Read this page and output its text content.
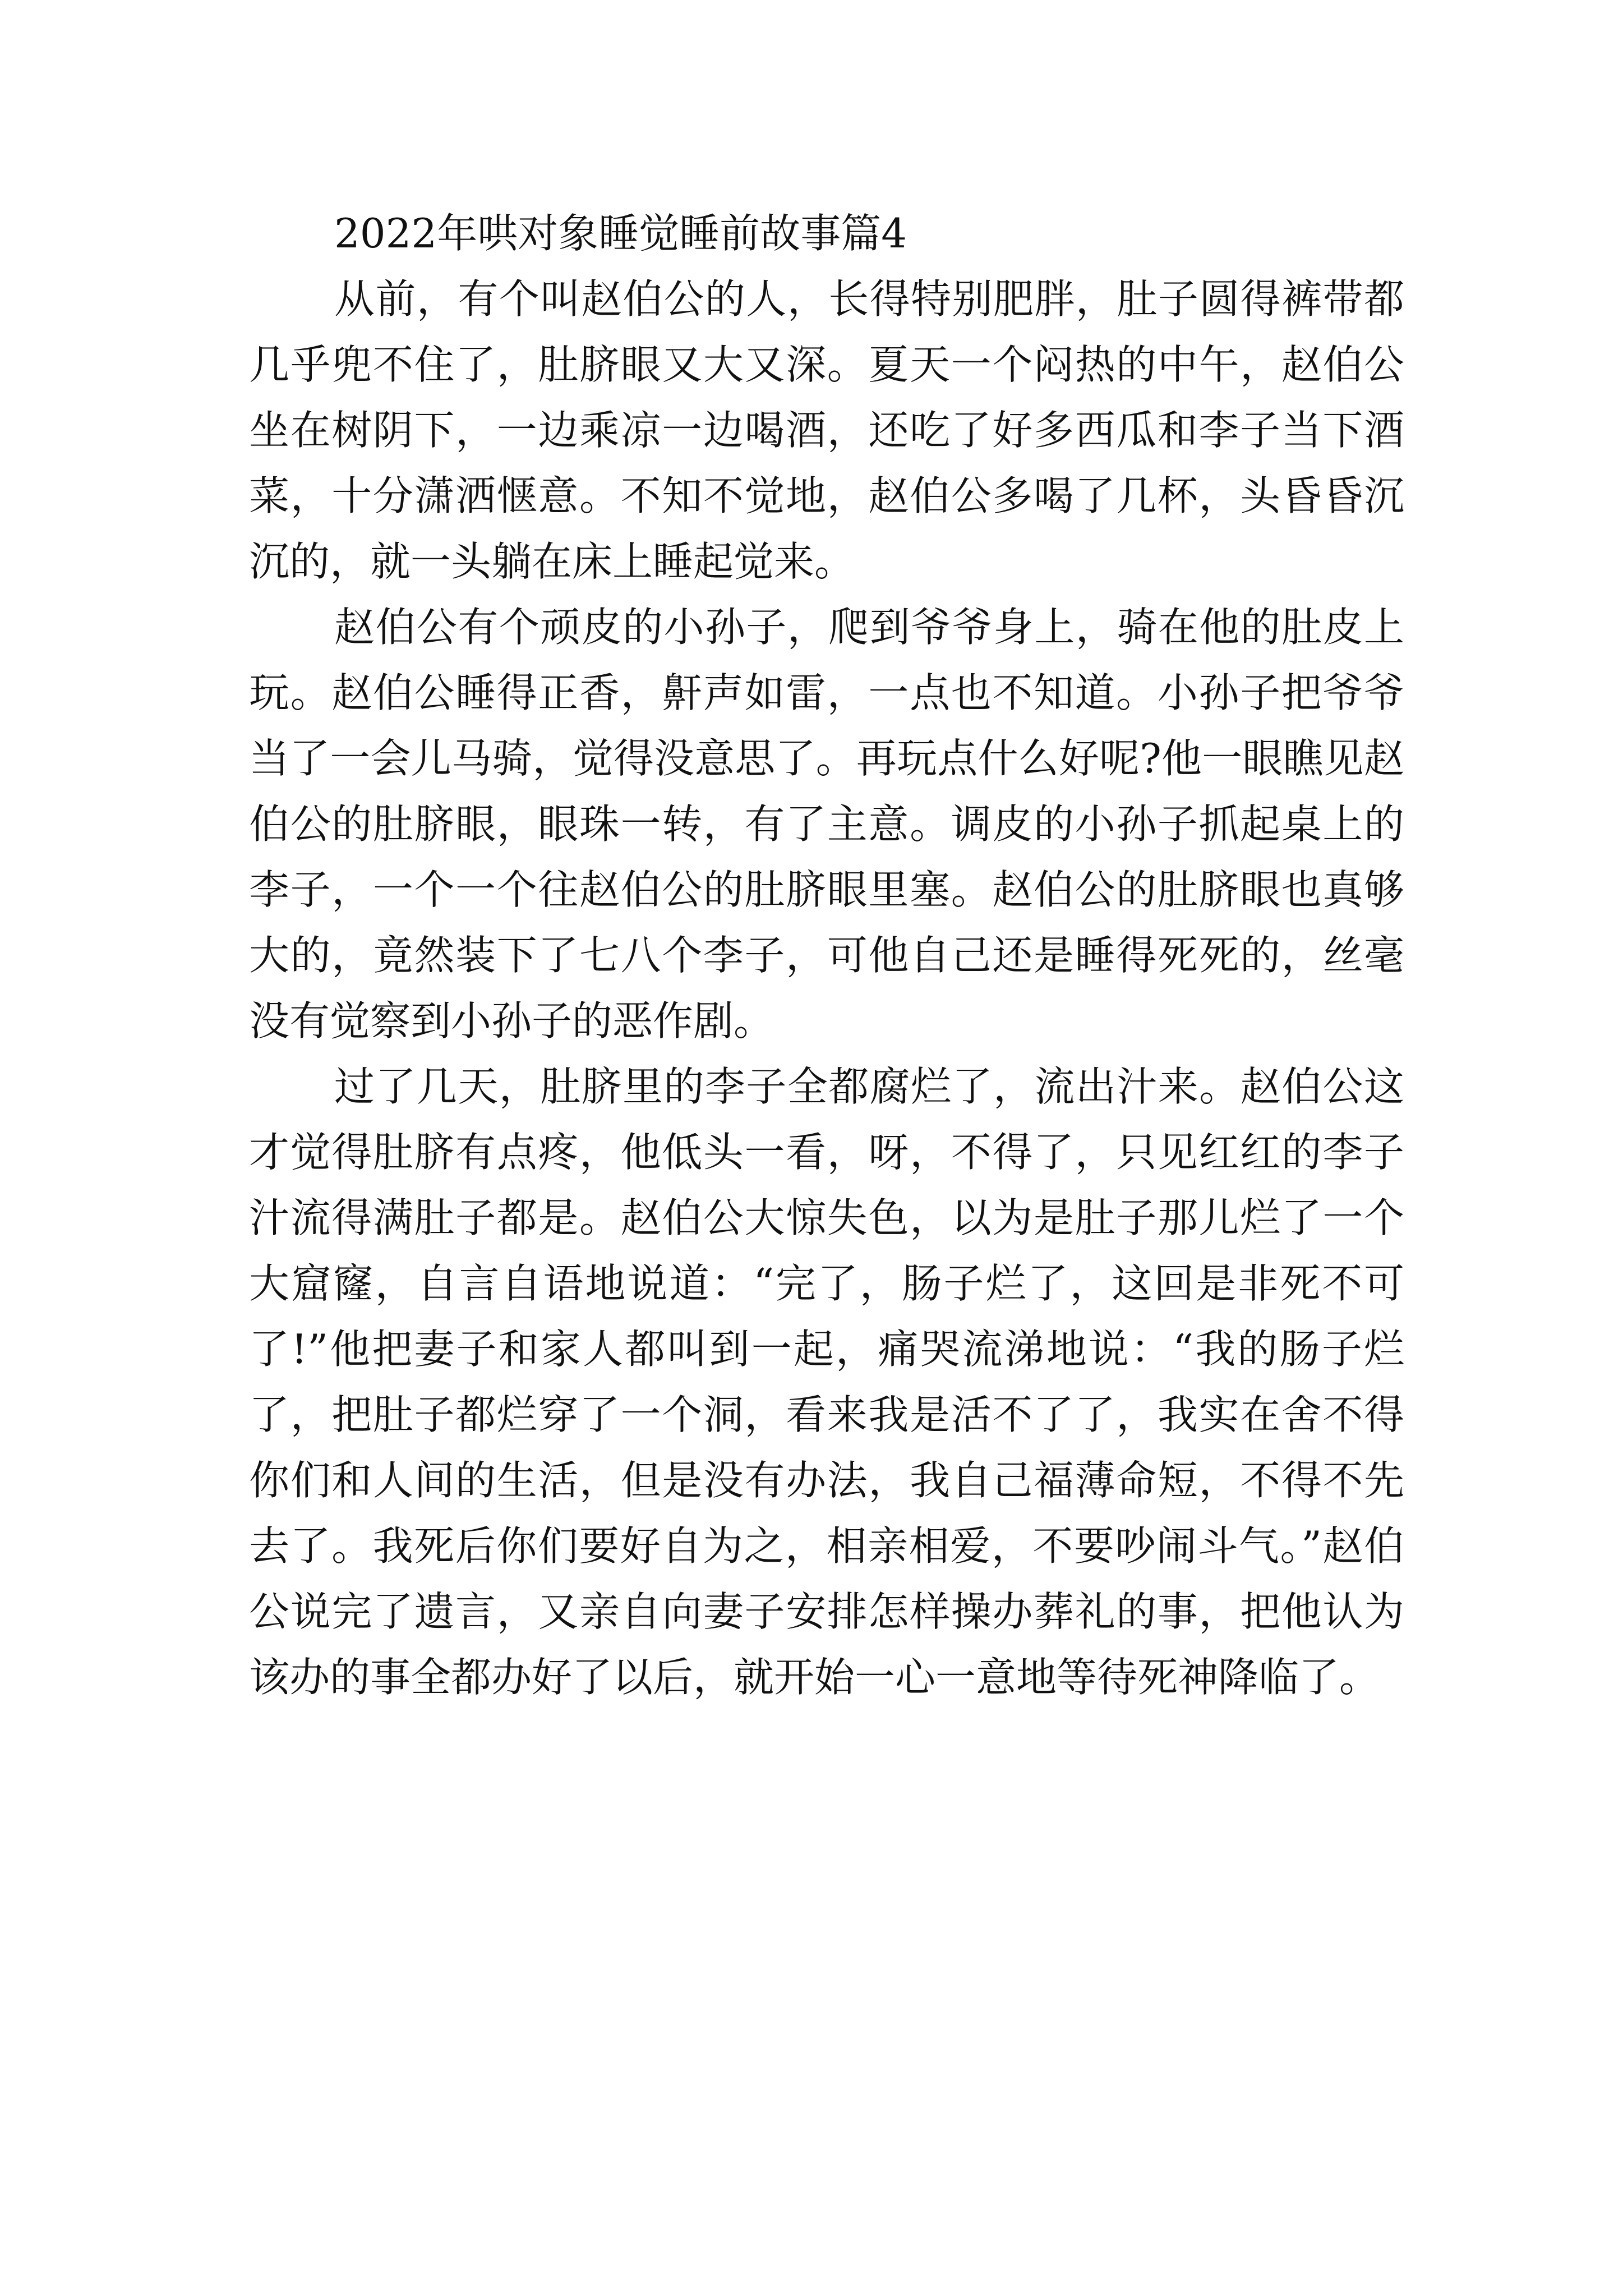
2022年哄对象睡觉睡前故事篇4

从前，有个叫赵伯公的人，长得特别肥胖，肚子圆得裤带都几乎兜不住了，肚脐眼又大又深。夏天一个闷热的中午，赵伯公坐在树阴下，一边乘凉一边喝酒，还吃了好多西瓜和李子当下酒菜，十分潇洒惬意。不知不觉地，赵伯公多喝了几杯，头昏昏沉沉的，就一头躺在床上睡起觉来。

赵伯公有个顽皮的小孙子，爬到爷爷身上，骑在他的肚皮上玩。赵伯公睡得正香，鼾声如雷，一点也不知道。小孙子把爷爷当了一会儿马骑，觉得没意思了。再玩点什么好呢?他一眼瞧见赵伯公的肚脐眼，眼珠一转，有了主意。调皮的小孙子抓起桌上的李子，一个一个往赵伯公的肚脐眼里塞。赵伯公的肚脐眼也真够大的，竟然装下了七八个李子，可他自己还是睡得死死的，丝毫没有觉察到小孙子的恶作剧。

过了几天，肚脐里的李子全都腐烂了，流出汁来。赵伯公这才觉得肚脐有点疼，他低头一看，呀，不得了，只见红红的李子汁流得满肚子都是。赵伯公大惊失色，以为是肚子那儿烂了一个大窟窿，自言自语地说道：“完了，肠子烂了，这回是非死不可了!”他把妻子和家人都叫到一起，痛哭流涕地说：“我的肠子烂了，把肚子都烂穿了一个洞，看来我是活不了了，我实在舍不得你们和人间的生活，但是没有办法，我自己福薄命短，不得不先去了。我死后你们要好自为之，相亲相爱，不要吵闹斗气。”赵伯公说完了遗言，又亲自向妻子安排怎样操办葬礼的事，把他认为该办的事全都办好了以后，就开始一心一意地等待死神降临了。
